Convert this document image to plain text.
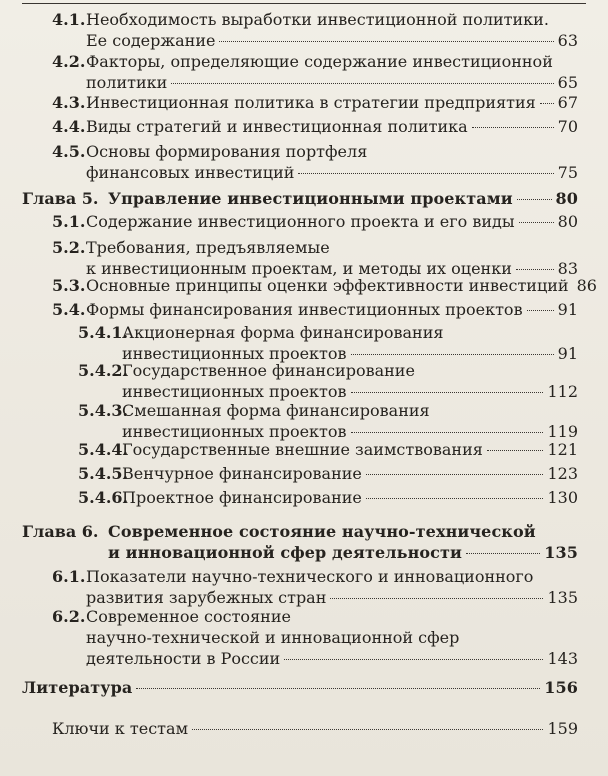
4.1. Необходимость выработки инвестиционной политики.
Ее содержание	63
4.2. Факторы, определяющие содержание инвестиционной
политики	65
4.3. Инвестиционная политика в стратегии предприятия 67
4.4. Виды стратегий и инвестиционная политика	70
4.5. Основы формирования портфеля
финансовых инвестиций	75
Глава 5. Управление инвестиционными проектами	80
5.1. Содержание инвестиционного проекта и его виды	80
5.2. Требования, предъявляемые
к инвестиционным проектам, и методы их оценки	83
5.3. Основные принципы оценки эффективности инвестиций 86
5.4. Формы финансирования инвестиционных проектов 91
5.4.1.
Акционерная форма финансирования
инвестиционных проектов	91
5.4.2.
Государственное финансирование
инвестиционных проектов	112
5.4.3.
Смешанная форма финансирования
инвестиционных проектов	119
5.4.4.
Государственные внешние заимствования	121
5.4.5.
Венчурное финансирование	123
5.4.6.
Проектное финансирование	130
Глава 6. Современное состояние научно-технической
и инновационной сфер деятельности	135
6.1. Показатели научно-технического и инновационного
развития зарубежных стран	135
6.2. Современное состояние
научно-технической и инновационной сфер
деятельности в России	143
Литература	156
Ключи к тестам	159
